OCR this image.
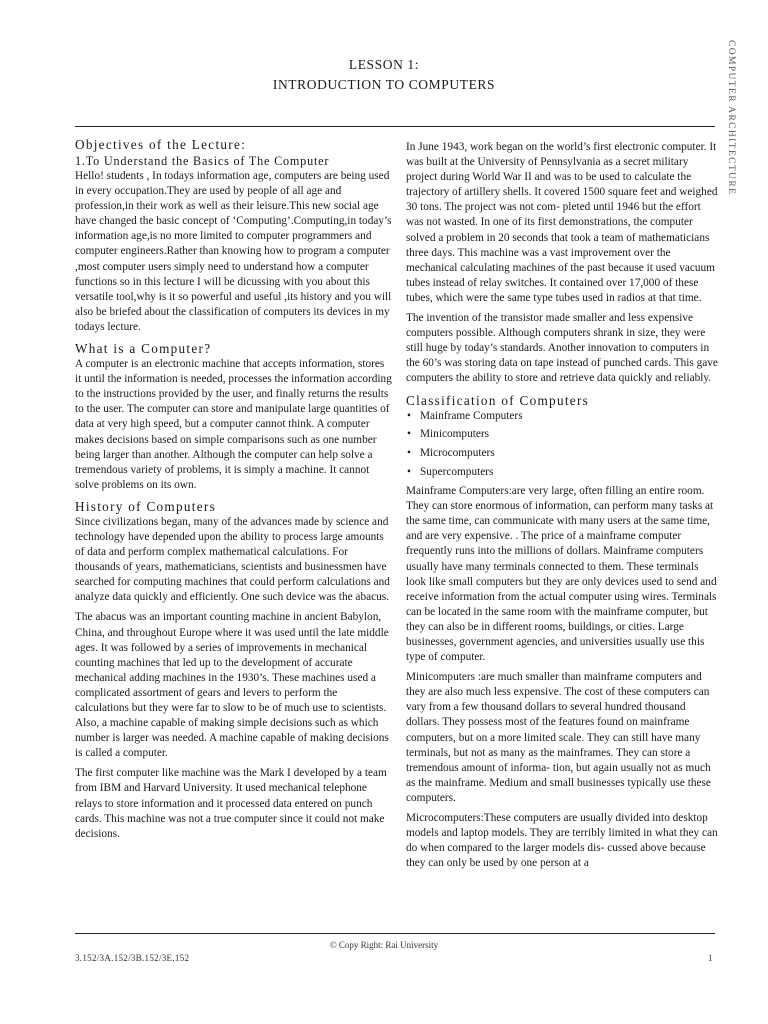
LESSON 1:
INTRODUCTION TO COMPUTERS	COMPUTER ARCHITECTURE
Objectives of the Lecture:
1.To Understand the Basics of The Computer

Hello! students , In todays information age, computers are being used in every occupation.They are used by people of all age and profession,in their work as well as their leisure.This new social age have changed the basic concept of ‘Computing’.Computing,in today’s information age,is no more limited to computer programmers and computer engineers.Rather than knowing how to program a computer ,most computer users simply need to understand how a computer functions so in this lecture I will be dicussing with you about this versatile tool,why is it so powerful and useful ,its history and you will also be briefed about the classification of computers its devices in my todays lecture.

What is a Computer?

A computer is an electronic machine that accepts information, stores it until the information is needed, processes the information according to the instructions provided by the user, and finally returns the results to the user. The computer can store and manipulate large quantities of data at very high speed, but a computer cannot think. A computer makes decisions based on simple comparisons such as one number being larger than another. Although the computer can help solve a tremendous variety of problems, it is simply a machine. It cannot solve problems on its own.

History of Computers

Since civilizations began, many of the advances made by science and technology have depended upon the ability to process large amounts of data and perform complex mathematical calculations. For thousands of years, mathematicians, scientists and businessmen have searched for computing machines that could perform calculations and analyze data quickly and efficiently. One such device was the abacus.

The abacus was an important counting machine in ancient Babylon, China, and throughout Europe where it was used until the late middle ages. It was followed by a series of improvements in mechanical counting machines that led up to the development of accurate mechanical adding machines in the 1930’s. These machines used a complicated assortment of gears and levers to perform the calculations but they were far to slow to be of much use to scientists. Also, a machine capable of making simple decisions such as which number is larger was needed. A machine capable of making decisions is called a computer.

The first computer like machine was the Mark I developed by a team from IBM and Harvard University. It used mechanical telephone relays to store information and it processed data entered on punch cards. This machine was not a true computer since it could not make decisions.

In June 1943, work began on the world’s first electronic computer. It was built at the University of Pennsylvania as a secret military project during World War II and was to be used to calculate the trajectory of artillery shells. It covered 1500 square feet and weighed 30 tons. The project was not com- pleted until 1946 but the effort was not wasted. In one of its first demonstrations, the computer solved a problem in 20 seconds that took a team of mathematicians three days. This machine was a vast improvement over the mechanical calculating machines of the past because it used vacuum tubes instead of relay switches. It contained over 17,000 of these tubes, which were the same type tubes used in radios at that time.

The invention of the transistor made smaller and less expensive computers possible. Although computers shrank in size, they were still huge by today’s standards. Another innovation to computers in the 60’s was storing data on tape instead of punched cards. This gave computers the ability to store and retrieve data quickly and reliably.

Classification of Computers
• Mainframe Computers
• Minicomputers
• Microcomputers
• Supercomputers

Mainframe Computers:are very large, often filling an entire room. They can store enormous of information, can perform many tasks at the same time, can communicate with many users at the same time, and are very expensive. . The price of a mainframe computer frequently runs into the millions of dollars. Mainframe computers usually have many terminals connected to them. These terminals look like small computers but they are only devices used to send and receive information from the actual computer using wires. Terminals can be located in the same room with the mainframe computer, but they can also be in different rooms, buildings, or cities. Large businesses, government agencies, and universities usually use this type of computer.

Minicomputers :are much smaller than mainframe computers and they are also much less expensive. The cost of these computers can vary from a few thousand dollars to several hundred thousand dollars. They possess most of the features found on mainframe computers, but on a more limited scale. They can still have many terminals, but not as many as the mainframes. They can store a tremendous amount of informa- tion, but again usually not as much as the mainframe. Medium and small businesses typically use these computers.

Microcomputers:These computers are usually divided into desktop models and laptop models. They are terribly limited in what they can do when compared to the larger models dis- cussed above because they can only be used by one person at a

© Copy Right: Rai University
3.152/3A.152/3B.152/3E.152	1
